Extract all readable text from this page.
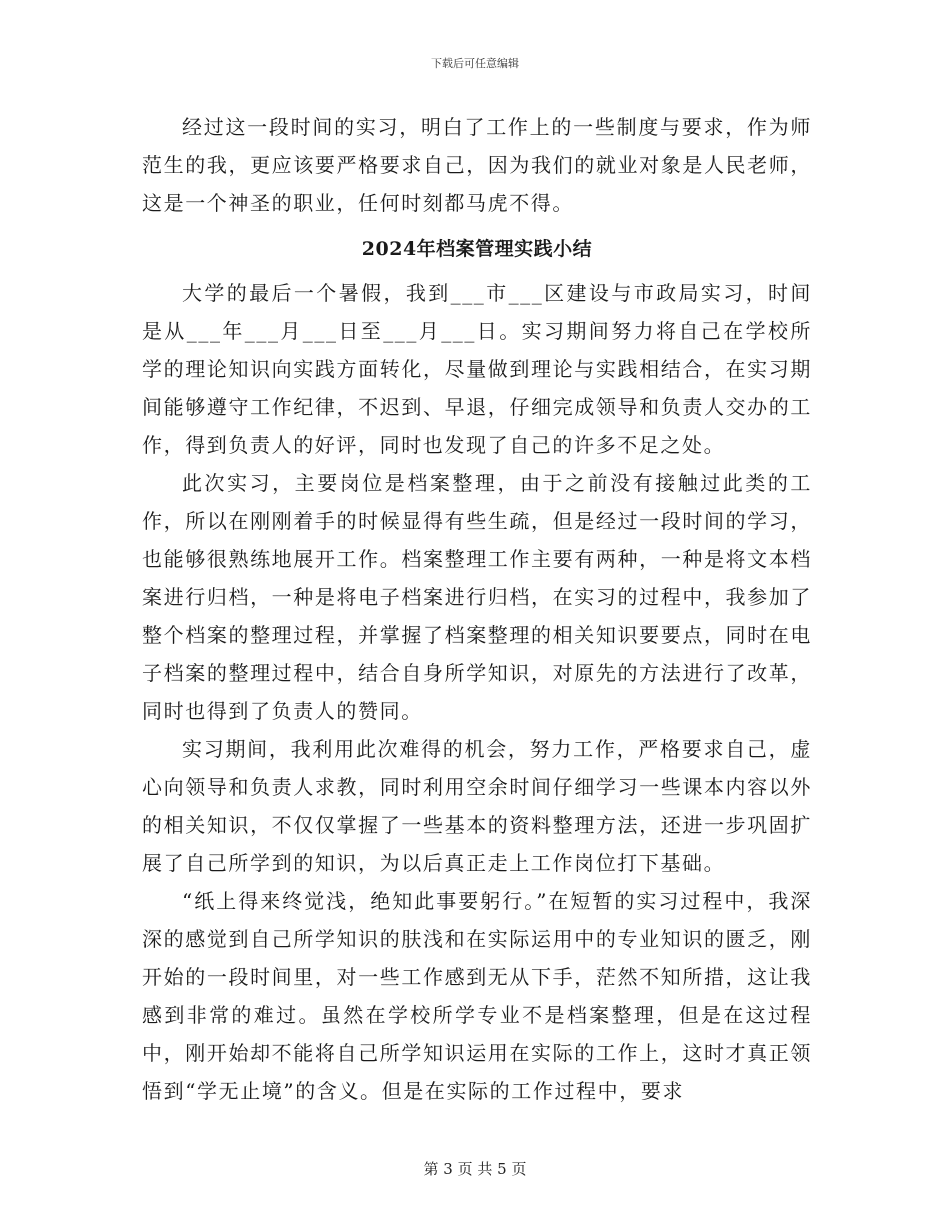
下载后可任意编辑

经过这一段时间的实习，明白了工作上的一些制度与要求，作为师范生的我，更应该要严格要求自己，因为我们的就业对象是人民老师，这是一个神圣的职业，任何时刻都马虎不得。

2024年档案管理实践小结

大学的最后一个暑假，我到___市___区建设与市政局实习，时间是从___年___月___日至___月___日。实习期间努力将自己在学校所学的理论知识向实践方面转化，尽量做到理论与实践相结合，在实习期间能够遵守工作纪律，不迟到、早退，仔细完成领导和负责人交办的工作，得到负责人的好评，同时也发现了自己的许多不足之处。

此次实习，主要岗位是档案整理，由于之前没有接触过此类的工作，所以在刚刚着手的时候显得有些生疏，但是经过一段时间的学习，也能够很熟练地展开工作。档案整理工作主要有两种，一种是将文本档案进行归档，一种是将电子档案进行归档，在实习的过程中，我参加了整个档案的整理过程，并掌握了档案整理的相关知识要要点，同时在电子档案的整理过程中，结合自身所学知识，对原先的方法进行了改革，同时也得到了负责人的赞同。

实习期间，我利用此次难得的机会，努力工作，严格要求自己，虚心向领导和负责人求教，同时利用空余时间仔细学习一些课本内容以外的相关知识，不仅仅掌握了一些基本的资料整理方法，还进一步巩固扩展了自己所学到的知识，为以后真正走上工作岗位打下基础。

“纸上得来终觉浅，绝知此事要躬行。”在短暂的实习过程中，我深深的感觉到自己所学知识的肤浅和在实际运用中的专业知识的匮乏，刚开始的一段时间里，对一些工作感到无从下手，茫然不知所措，这让我感到非常的难过。虽然在学校所学专业不是档案整理，但是在这过程中，刚开始却不能将自己所学知识运用在实际的工作上，这时才真正领悟到“学无止境”的含义。但是在实际的工作过程中，要求

第 3 页 共 5 页
